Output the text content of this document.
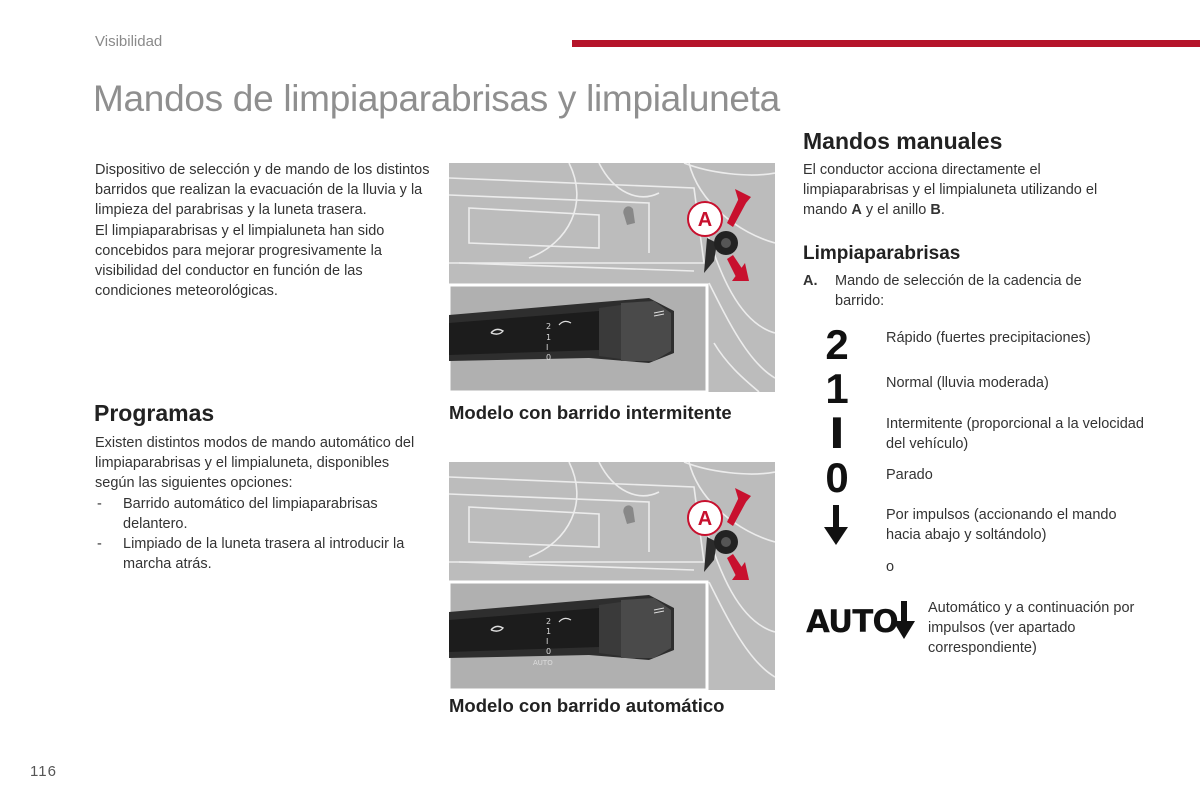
Visibilidad
Mandos de limpiaparabrisas y limpialuneta
Dispositivo de selección y de mando de los distintos barridos que realizan la evacuación de la lluvia y la limpieza del parabrisas y la luneta trasera.
El limpiaparabrisas y el limpialuneta han sido concebidos para mejorar progresivamente la visibilidad del conductor en función de las condiciones meteorológicas.
Programas
Existen distintos modos de mando automático del limpiaparabrisas y el limpialuneta, disponibles según las siguientes opciones:
- Barrido automático del limpiaparabrisas delantero.
- Limpiado de la luneta trasera al introducir la marcha atrás.
2
1
I
0
A
Modelo con barrido intermitente
2
1
I
0
AUTO
A
Modelo con barrido automático
Mandos manuales
El conductor acciona directamente el limpiaparabrisas y el limpialuneta utilizando el mando A y el anillo B.
Limpiaparabrisas
A. Mando de selección de la cadencia de barrido:
2	Rápido (fuertes precipitaciones)
1	Normal (lluvia moderada)
I	Intermitente (proporcional a la velocidad del vehículo)
0	Parado
Por impulsos (accionando el mando hacia abajo y soltándolo)
o
AUTO Automático y a continuación por impulsos (ver apartado correspondiente)
116
